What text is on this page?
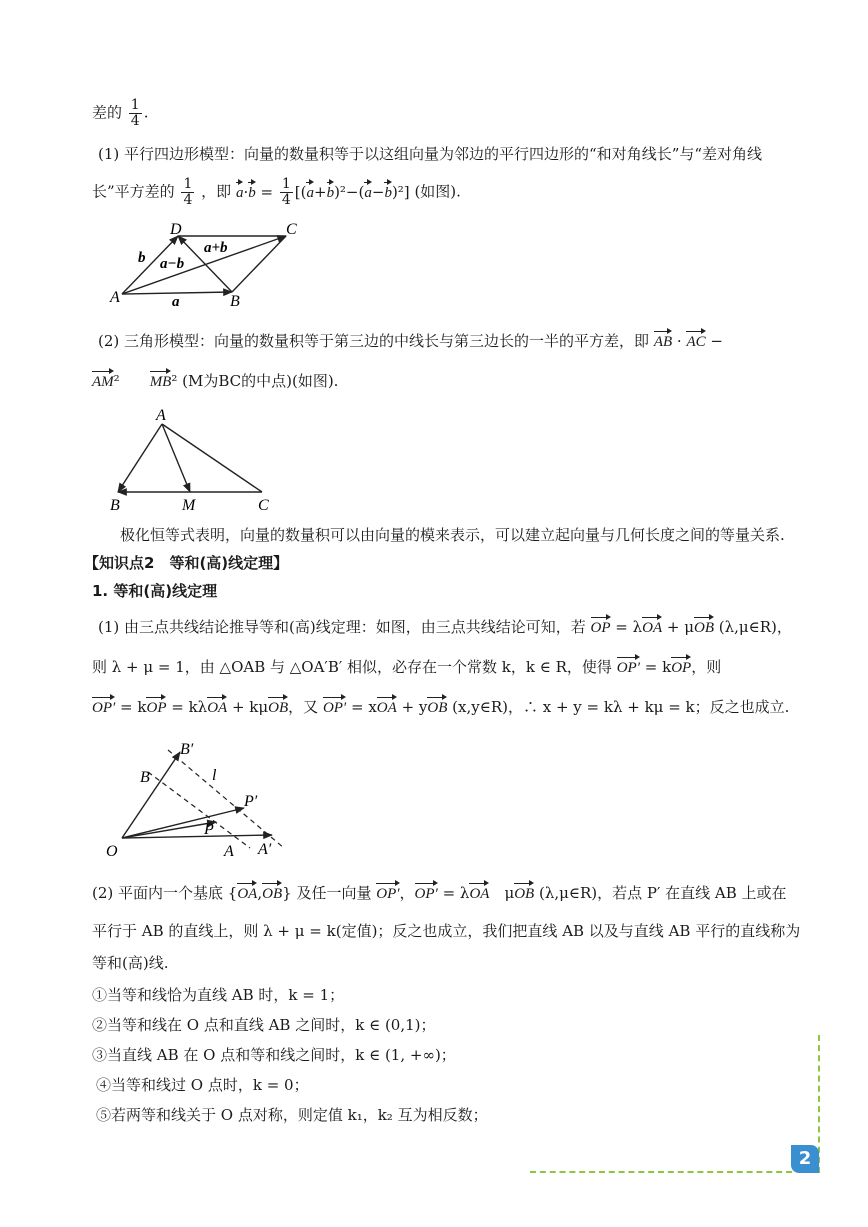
差的 $\frac{1}{4}$ .
(1) 平行四边形模型：向量的数量积等于以这组向量为邻边的平行四边形的“和对角线长”与“差对角线
长”平方差的 $\frac{1}{4}$ ，即 $a\cdot b = \frac{1}{4} [(a+b)^2-(a-b)^2]$ (如图).
D	C
A	B
b
a+b
a−b
a
(2) 三角形模型：向量的数量积等于第三边的中线长与第三边长的一半的平方差，即 AB · AC −
AM²　　MB² (M为BC的中点)(如图).
A
B	M	C
极化恒等式表明，向量的数量积可以由向量的模来表示，可以建立起向量与几何长度之间的等量关系.
【知识点2　等和(高)线定理】
1. 等和(高)线定理
(1) 由三点共线结论推导等和(高)线定理：如图，由三点共线结论可知，若 OP = λOA + μOB (λ,μ∈R)，
则 λ + μ = 1，由 △OAB 与 △OA′B′ 相似，必存在一个常数 k，k ∈ R，使得 OP′ = kOP，则
OP′ = kOP = kλOA + kμOB，又 OP′ = xOA + yOB (x,y∈R)，∴ x + y = kλ + kμ = k；反之也成立.
B′
B	l
P′
P
O	A A′
(2) 平面内一个基底 {OA,OB} 及任一向量 OP′，OP′ = λOA　μOB (λ,μ∈R)，若点 P′ 在直线 AB 上或在
平行于 AB 的直线上，则 λ + μ = k(定值)；反之也成立，我们把直线 AB 以及与直线 AB 平行的直线称为
等和(高)线.
①当等和线恰为直线 AB 时，k = 1；
②当等和线在 O 点和直线 AB 之间时，k ∈ (0,1)；
③当直线 AB 在 O 点和等和线之间时，k ∈ (1, +∞)；
④当等和线过 O 点时，k = 0；
⑤若两等和线关于 O 点对称，则定值 k₁，k₂ 互为相反数；
2
